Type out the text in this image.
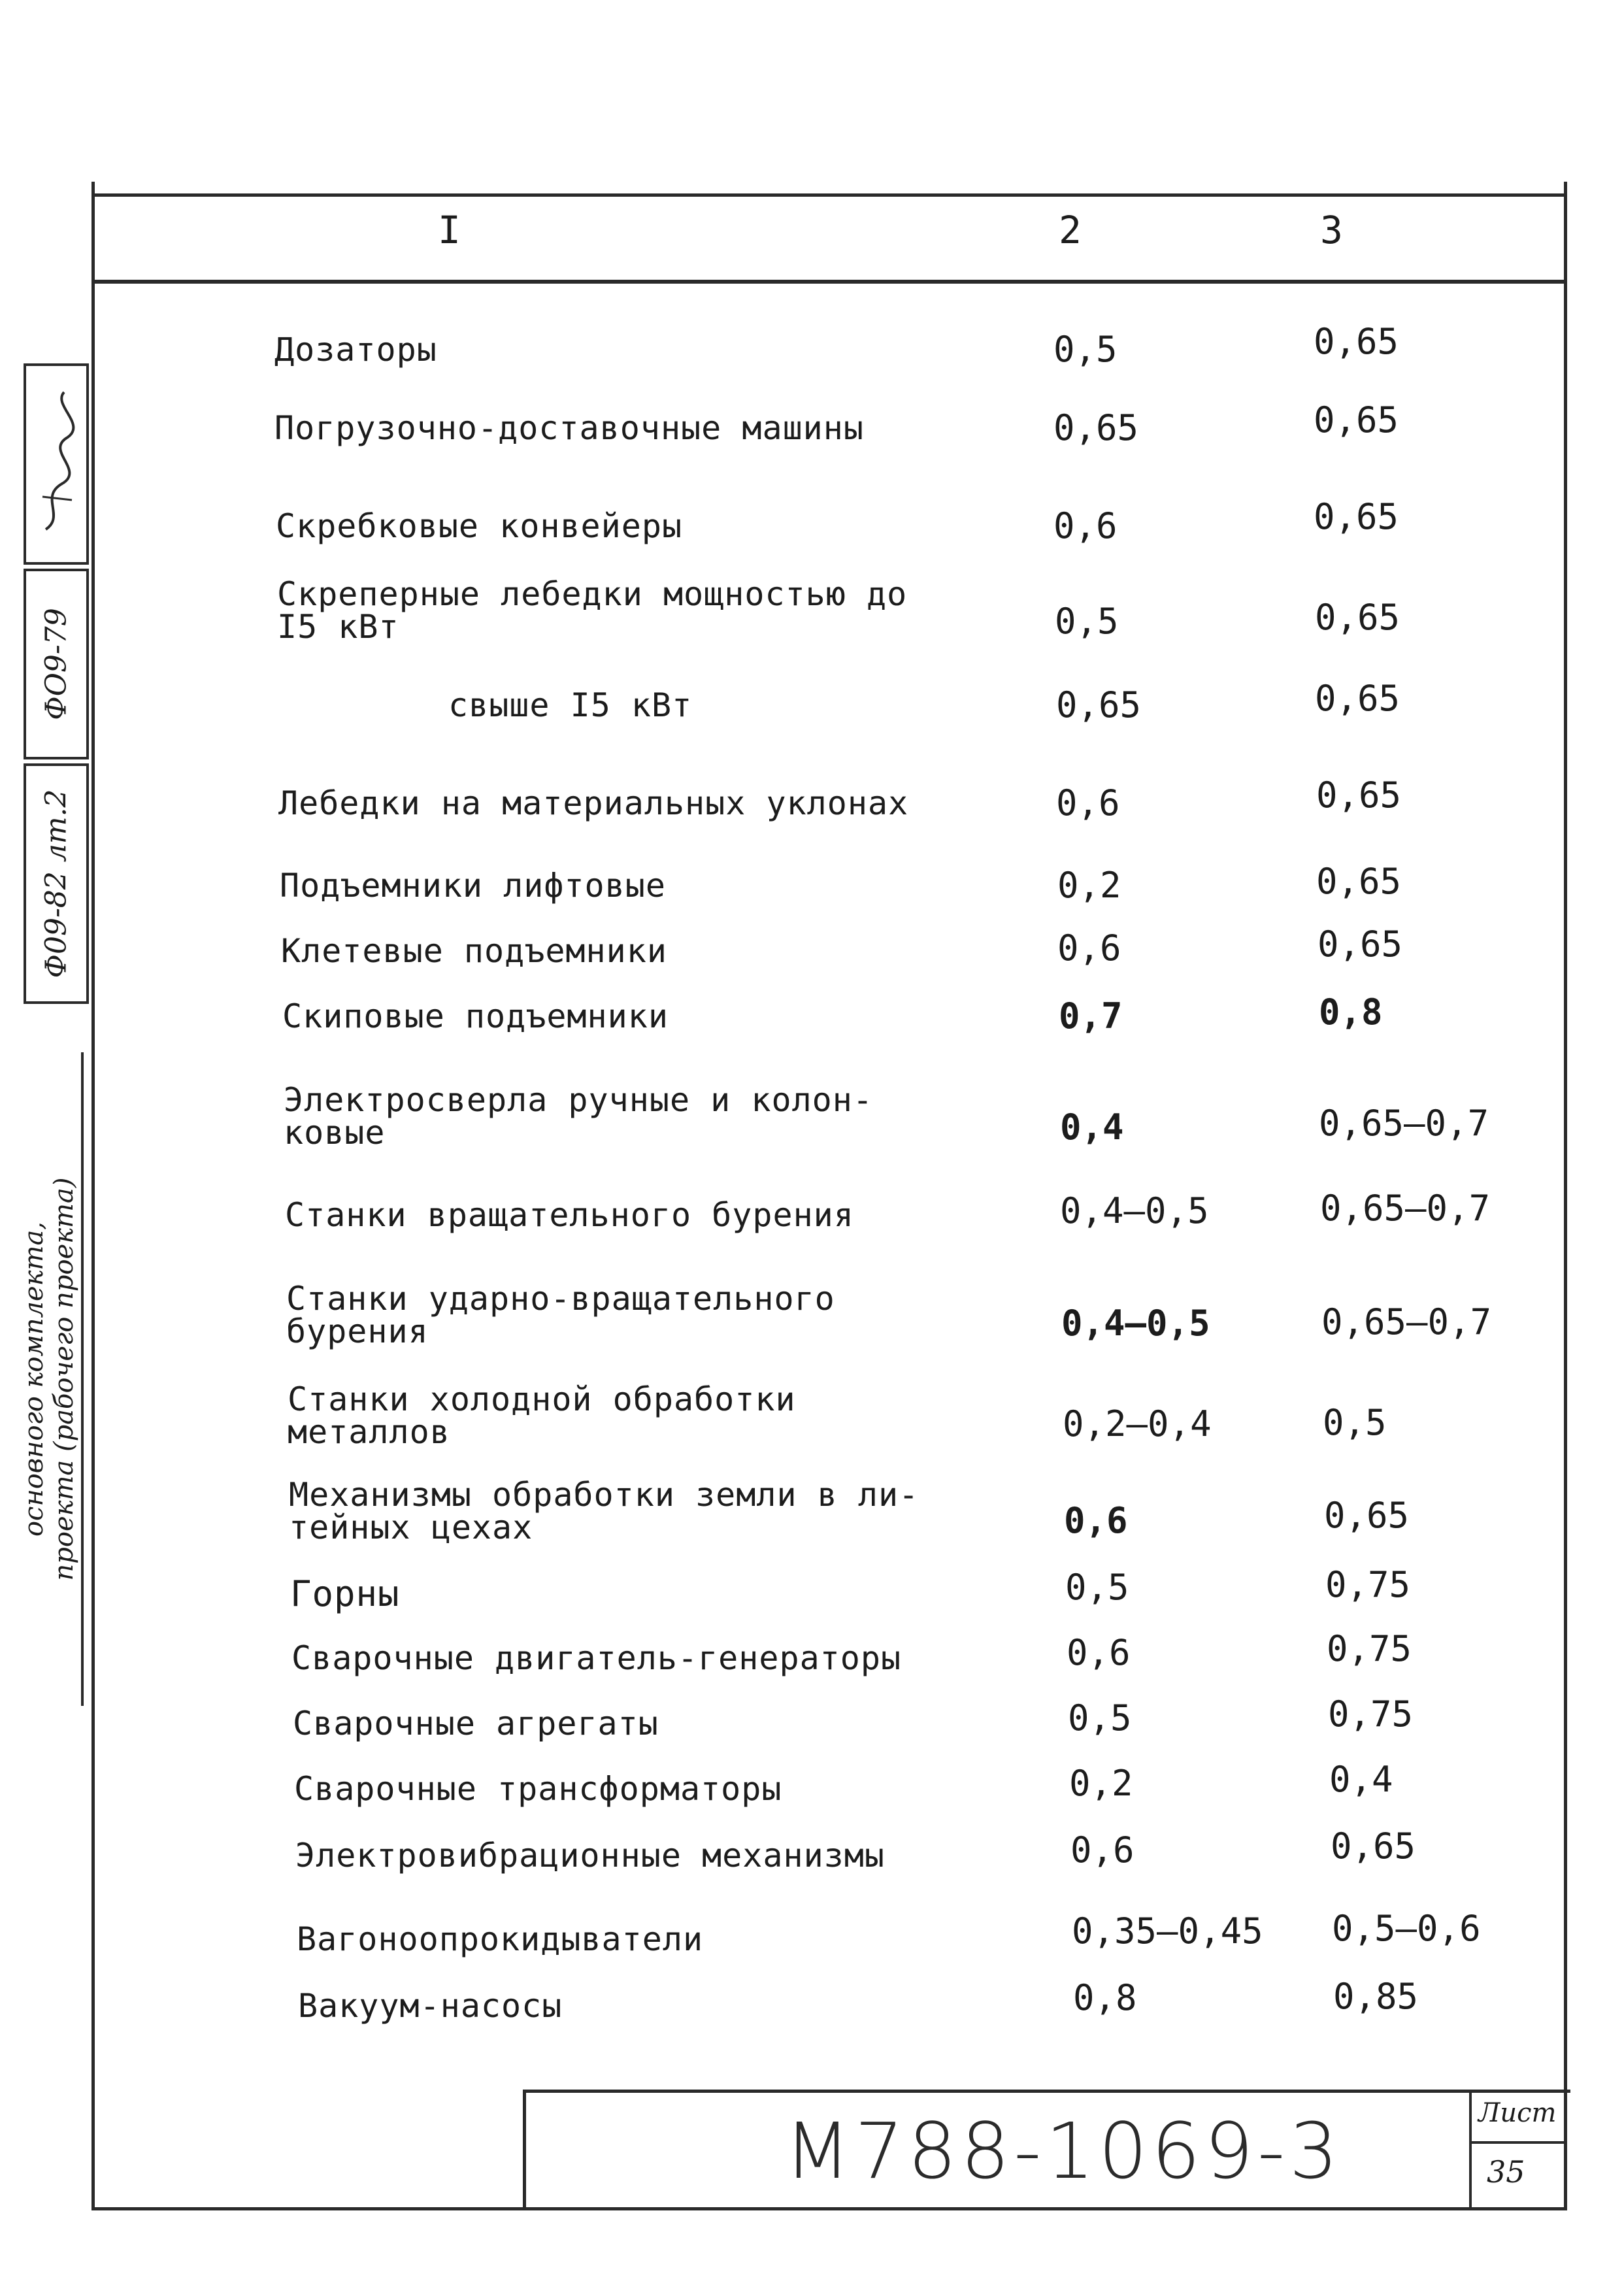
I	2	3
Дозаторы	0,5	0,65
Погрузочно-доставочные машины	0,65	0,65
Скребковые конвейеры	0,6	0,65
Скреперные лебедки мощностью до I5 кВт	0,5	0,65
свыше I5 кВт	0,65	0,65
Лебедки на материальных уклонах	0,6	0,65
Подъемники лифтовые	0,2	0,65
Клетевые подъемники	0,6	0,65
Скиповые подъемники	0,7	0,8
Электросверла ручные и колон-ковые	0,4	0,65–0,7
Станки вращательного бурения	0,4–0,5	0,65–0,7
Станки ударно-вращательного бурения	0,4–0,5	0,65–0,7
Станки холодной обработки металлов	0,2–0,4	0,5
Механизмы обработки земли в ли-тейных цехах	0,6	0,65
Горны	0,5	0,75
Сварочные двигатель-генераторы	0,6	0,75
Сварочные агрегаты	0,5	0,75
Сварочные трансформаторы	0,2	0,4
Электровибрационные механизмы	0,6	0,65
Вагоноопрокидыватели	0,35–0,45 0,5–0,6
Вакуум-насосы	0,8	0,85
ФО9-79
Ф09-82 лт.2
основного комплекта, проекта (рабочего проекта)
М788-1069-3	Лист
35
